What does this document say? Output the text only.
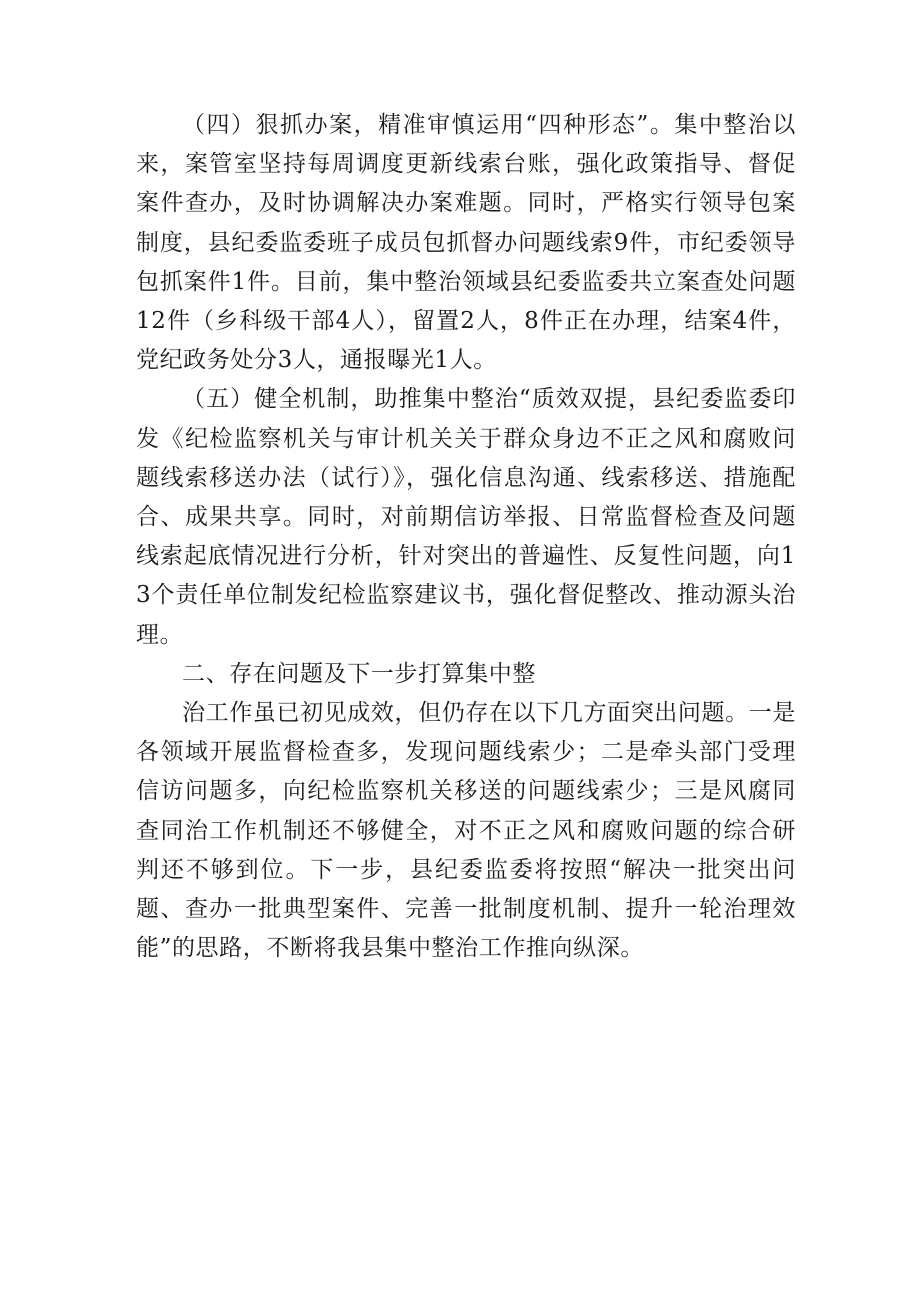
（四）狠抓办案，精准审慎运用“四种形态”。集中整治以来，案管室坚持每周调度更新线索台账，强化政策指导、督促案件查办，及时协调解决办案难题。同时，严格实行领导包案制度，县纪委监委班子成员包抓督办问题线索9件，市纪委领导包抓案件1件。目前，集中整治领域县纪委监委共立案查处问题12件（乡科级干部4人），留置2人，8件正在办理，结案4件，党纪政务处分3人，通报曝光1人。

（五）健全机制，助推集中整治“质效双提，县纪委监委印发《纪检监察机关与审计机关关于群众身边不正之风和腐败问题线索移送办法（试行）》，强化信息沟通、线索移送、措施配合、成果共享。同时，对前期信访举报、日常监督检查及问题线索起底情况进行分析，针对突出的普遍性、反复性问题，向13个责任单位制发纪检监察建议书，强化督促整改、推动源头治理。

二、存在问题及下一步打算集中整

治工作虽已初见成效，但仍存在以下几方面突出问题。一是各领域开展监督检查多，发现问题线索少；二是牵头部门受理信访问题多，向纪检监察机关移送的问题线索少；三是风腐同查同治工作机制还不够健全，对不正之风和腐败问题的综合研判还不够到位。下一步，县纪委监委将按照“解决一批突出问题、查办一批典型案件、完善一批制度机制、提升一轮治理效能”的思路，不断将我县集中整治工作推向纵深。
